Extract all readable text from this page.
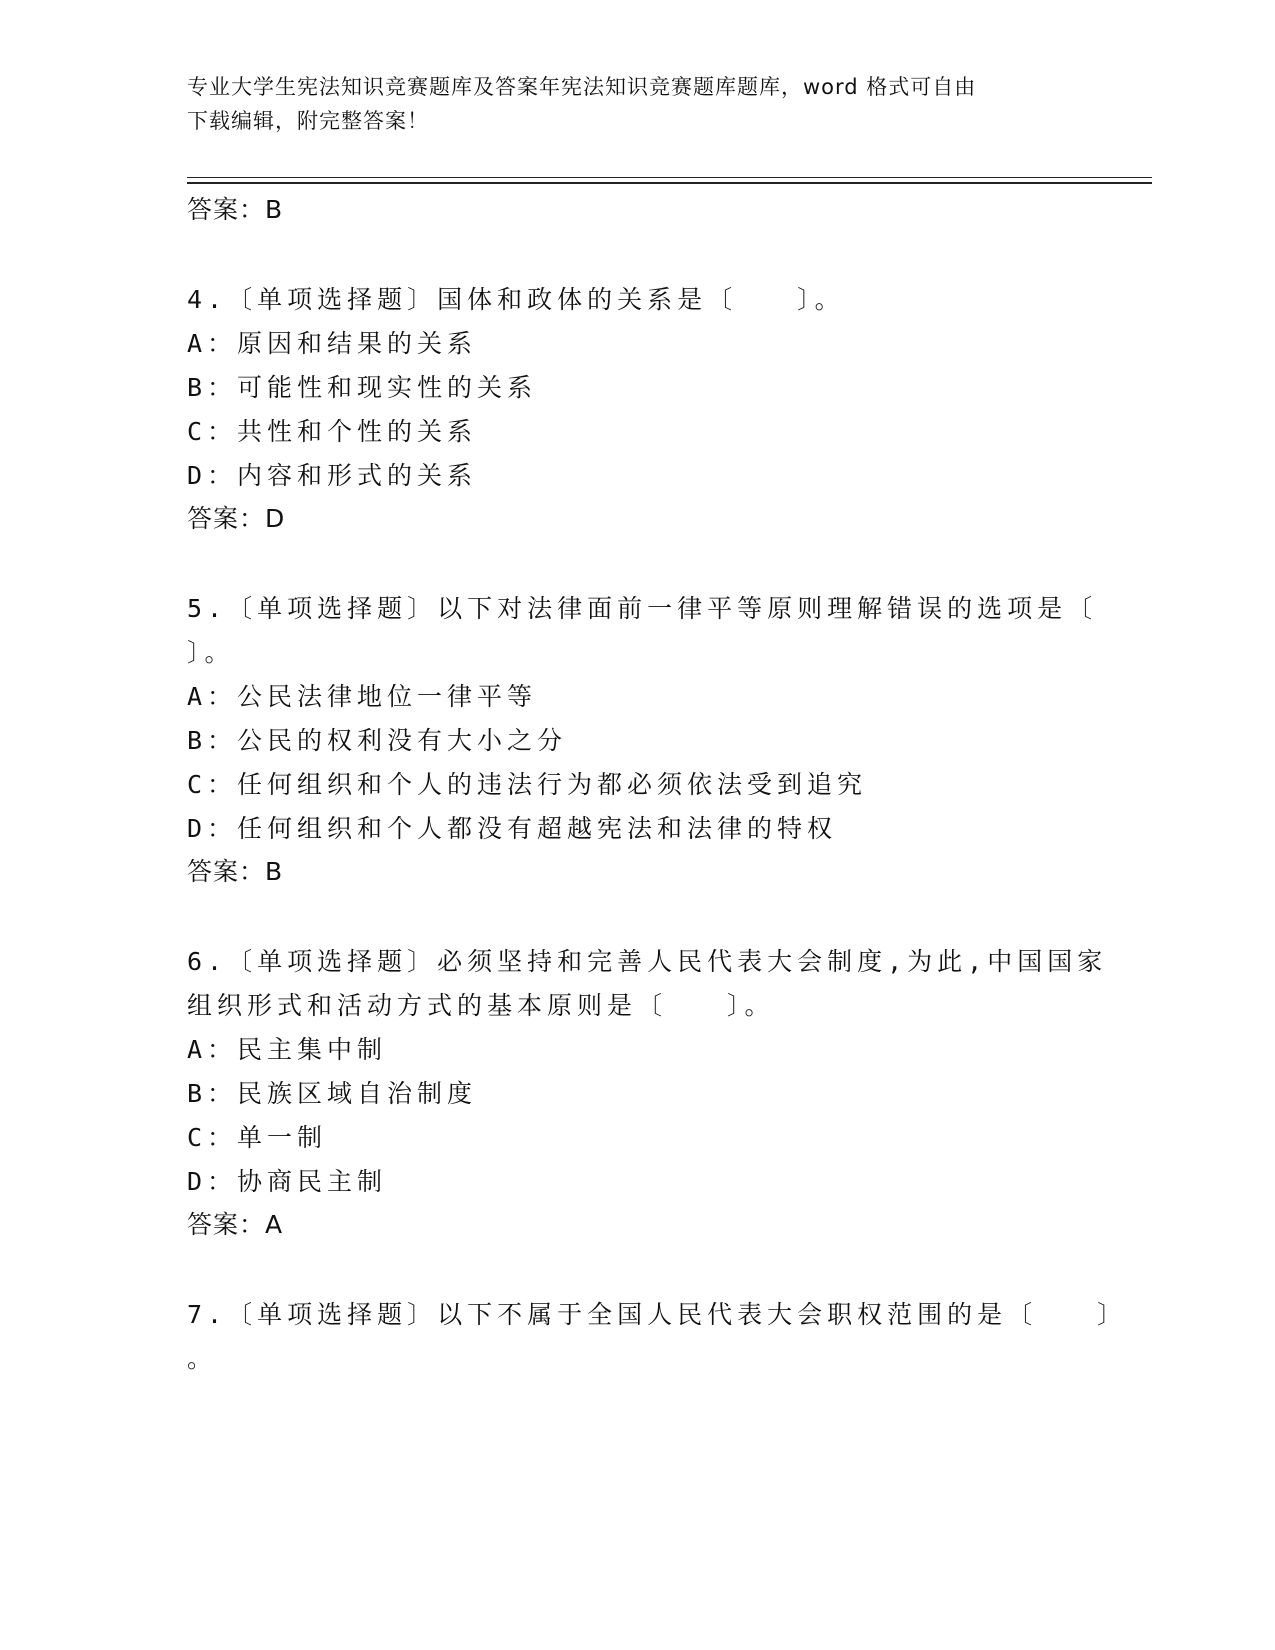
专业大学生宪法知识竞赛题库及答案年宪法知识竞赛题库题库，word 格式可自由
下载编辑，附完整答案！
答案：B
4.〔单项选择题〕国体和政体的关系是〔　　〕。
A：原因和结果的关系
B：可能性和现实性的关系
C：共性和个性的关系
D：内容和形式的关系
答案：D
5.〔单项选择题〕以下对法律面前一律平等原则理解错误的选项是〔
〕。
A：公民法律地位一律平等
B：公民的权利没有大小之分
C：任何组织和个人的违法行为都必须依法受到追究
D：任何组织和个人都没有超越宪法和法律的特权
答案：B
6.〔单项选择题〕必须坚持和完善人民代表大会制度,为此,中国国家
组织形式和活动方式的基本原则是〔　　〕。
A：民主集中制
B：民族区域自治制度
C：单一制
D：协商民主制
答案：A
7.〔单项选择题〕以下不属于全国人民代表大会职权范围的是〔　　〕
。
